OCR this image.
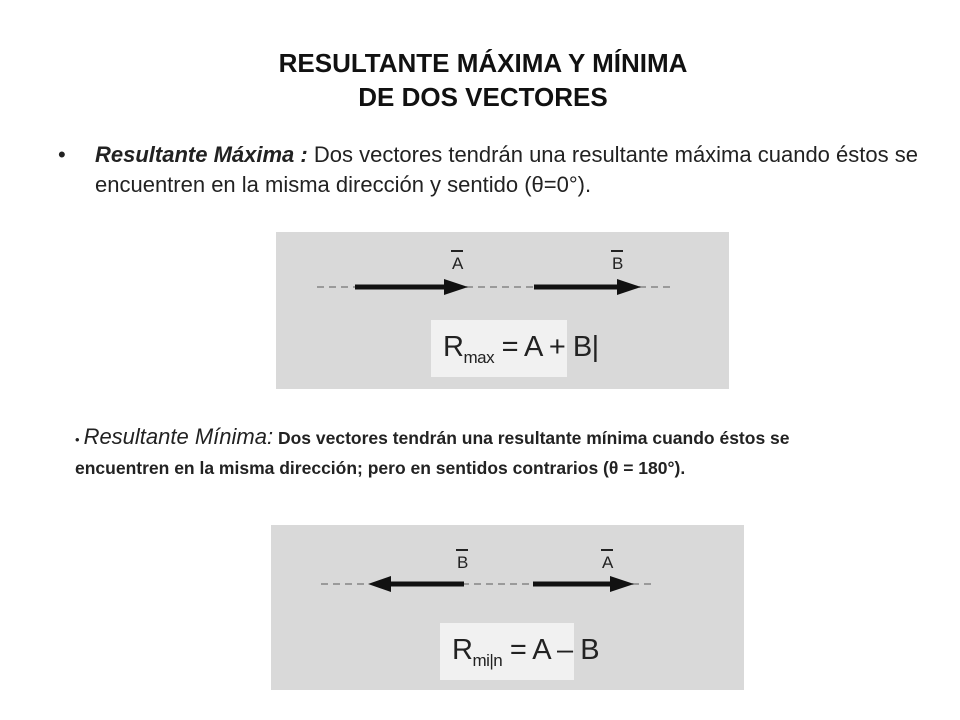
RESULTANTE MÁXIMA Y MÍNIMA
DE DOS VECTORES
• Resultante Máxima : Dos vectores tendrán una resultante máxima cuando éstos se encuentren en la misma dirección y sentido (θ=0°).
A	B
$R_{max} = A + B|$
• Resultante Mínima: Dos vectores tendrán una resultante mínima cuando éstos se encuentren en la misma dirección; pero en sentidos contrarios (θ = 180°).
B	A
$R_{mi|n} = A - B$
